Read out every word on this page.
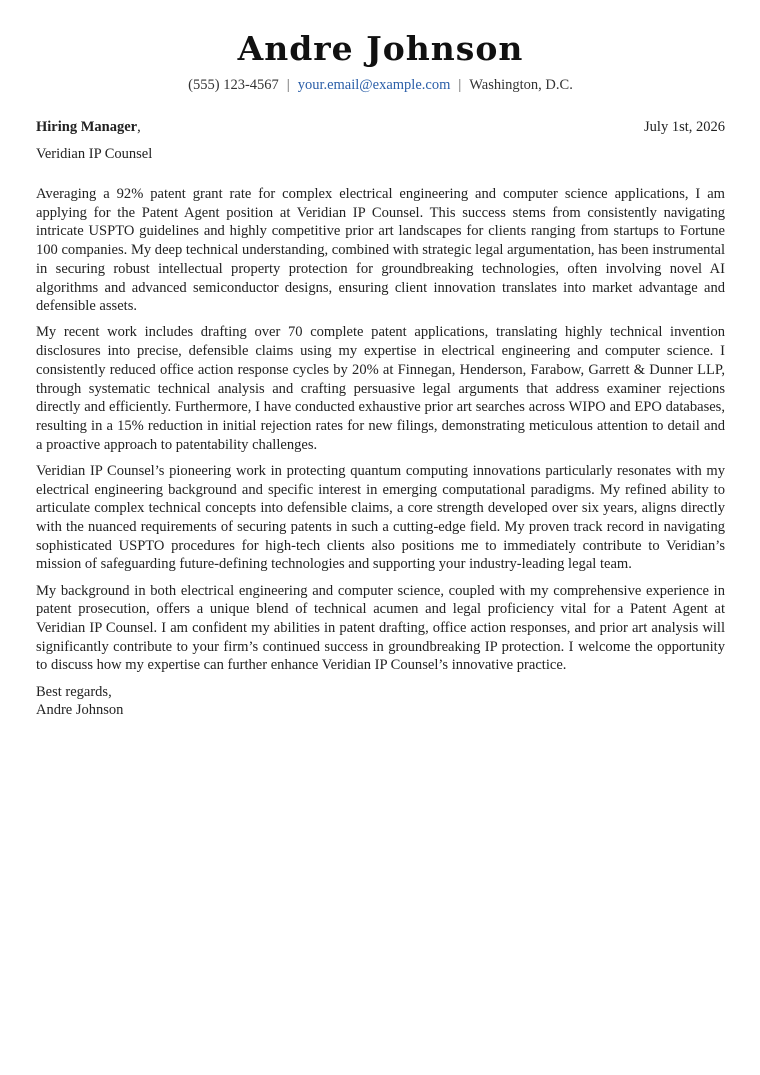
Andre Johnson
(555) 123-4567 | your.email@example.com | Washington, D.C.
Hiring Manager,	July 1st, 2026
Veridian IP Counsel

Averaging a 92% patent grant rate for complex electrical engineering and computer science applications, I am applying for the Patent Agent position at Veridian IP Counsel. This success stems from consistently navigating intricate USPTO guidelines and highly competitive prior art landscapes for clients ranging from startups to Fortune 100 companies. My deep technical understanding, combined with strategic legal argumentation, has been instrumental in securing robust intellectual property protection for groundbreaking technologies, often involving novel AI algorithms and advanced semiconductor designs, ensuring client innovation translates into market advantage and defensible assets.

My recent work includes drafting over 70 complete patent applications, translating highly technical invention disclosures into precise, defensible claims using my expertise in electrical engineering and computer science. I consistently reduced office action response cycles by 20% at Finnegan, Henderson, Farabow, Garrett & Dunner LLP, through systematic technical analysis and crafting persuasive legal arguments that address examiner rejections directly and efficiently. Furthermore, I have conducted exhaustive prior art searches across WIPO and EPO databases, resulting in a 15% reduction in initial rejection rates for new filings, demonstrating meticulous attention to detail and a proactive approach to patentability challenges.

Veridian IP Counsel’s pioneering work in protecting quantum computing innovations particularly resonates with my electrical engineering background and specific interest in emerging computational paradigms. My refined ability to articulate complex technical concepts into defensible claims, a core strength developed over six years, aligns directly with the nuanced requirements of securing patents in such a cutting-edge field. My proven track record in navigating sophisticated USPTO procedures for high-tech clients also positions me to immediately contribute to Veridian’s mission of safeguarding future-defining technologies and supporting your industry-leading legal team.

My background in both electrical engineering and computer science, coupled with my comprehensive experience in patent prosecution, offers a unique blend of technical acumen and legal proficiency vital for a Patent Agent at Veridian IP Counsel. I am confident my abilities in patent drafting, office action responses, and prior art analysis will significantly contribute to your firm’s continued success in groundbreaking IP protection. I welcome the opportunity to discuss how my expertise can further enhance Veridian IP Counsel’s innovative practice.

Best regards,
Andre Johnson
